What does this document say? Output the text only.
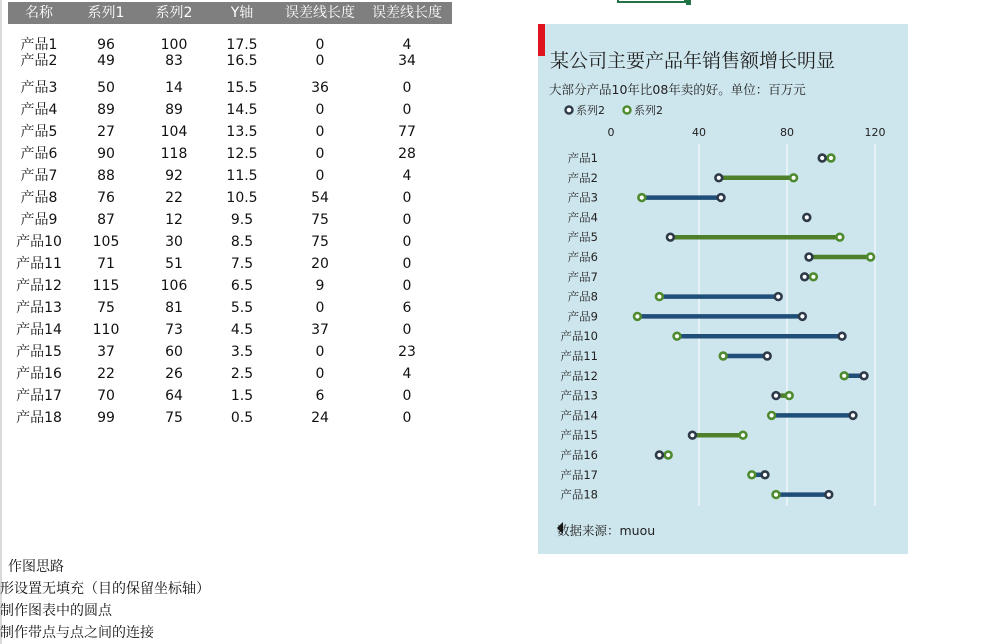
名称	系列1	系列2	Y轴	误差线长度	误差线长度
产品1	96	100	17.5	0	4
产品2	49	83	16.5	0	34
产品3	50	14	15.5	36	0
产品4	89	89	14.5	0	0
产品5	27	104	13.5	0	77
产品6	90	118	12.5	0	28
产品7	88	92	11.5	0	4
产品8	76	22	10.5	54	0
产品9	87	12	9.5	75	0
产品10	105	30	8.5	75	0
产品11	71	51	7.5	20	0
产品12	115	106	6.5	9	0
产品13	75	81	5.5	0	6
产品14	110	73	4.5	37	0
产品15	37	60	3.5	0	23
产品16	22	26	2.5	0	4
产品17	70	64	1.5	6	0
产品18	99	75	0.5	24	0
作图思路
形设置无填充（目的保留坐标轴）
制作图表中的圆点
制作带点与点之间的连接
某公司主要产品年销售额增长明显
大部分产品10年比08年卖的好。单位：百万元
0	40	80	120
系列2	系列2
产品1
产品2
产品3
产品4
产品5
产品6
产品7
产品8
产品9
产品10
产品11
产品12
产品13
产品14
产品15
产品16
产品17
产品18
数据来源：muou
